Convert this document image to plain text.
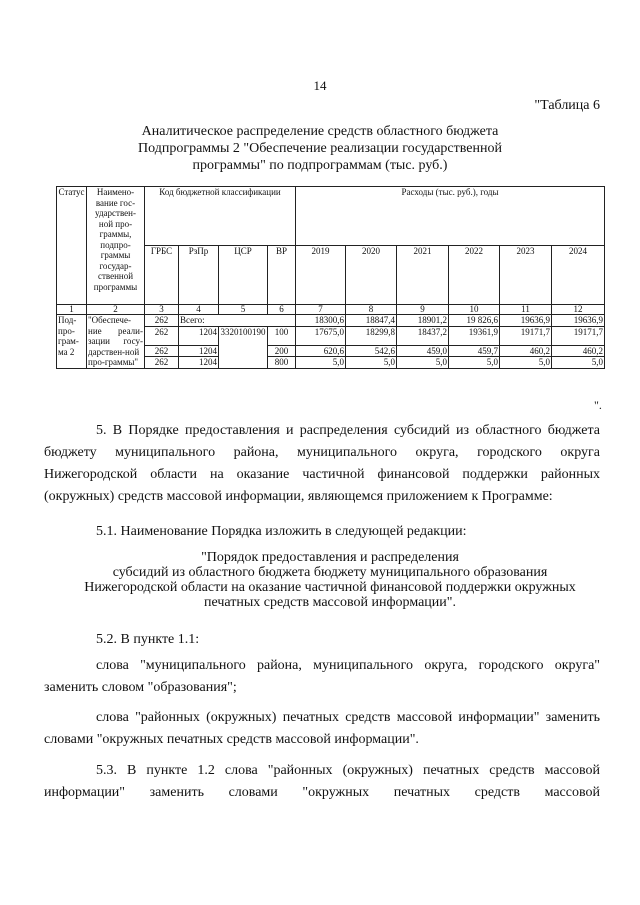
14
"Таблица 6
Аналитическое распределение средств областного бюджета
Подпрограммы 2 "Обеспечение реализации государственной
программы" по подпрограммам (тыс. руб.)
Статус	Наимено-вание гос-ударствен-ной про-граммы, подпро-граммы государ-ственной программы	Код бюджетной классификации				Расходы (тыс. руб.), годы					
		ГРБС	РзПр	ЦСР	ВР	2019	2020	2021	2022	2023	2024
1	2	3	4	5	6	7	8	9	10	11	12
Под-про-грам-ма 2	"Обеспече-ние реали-зации госу-дарствен-ной про-граммы"	262	Всего:			18300,6	18847,4	18901,2	19 826,6	19636,9	19636,9
		262	1204	3320100190	100	17675,0	18299,8	18437,2	19361,9	19171,7	19171,7
		262	1204		200	620,6	542,6	459,0	459,7	460,2	460,2
		262	1204		800	5,0	5,0	5,0	5,0	5,0	5,0
".

5. В Порядке предоставления и распределения субсидий из областного бюджета бюджету муниципального района, муниципального округа, городского округа Нижегородской области на оказание частичной финансовой поддержки районных (окружных) средств массовой информации, являющемся приложением к Программе:

5.1. Наименование Порядка изложить в следующей редакции:

"Порядок предоставления и распределения
субсидий из областного бюджета бюджету муниципального образования
Нижегородской области на оказание частичной финансовой поддержки окружных
печатных средств массовой информации".

5.2. В пункте 1.1:

слова "муниципального района, муниципального округа, городского округа" заменить словом "образования";

слова "районных (окружных) печатных средств массовой информации" заменить словами "окружных печатных средств массовой информации".

5.3. В пункте 1.2 слова "районных (окружных) печатных средств массовой информации" заменить словами "окружных печатных средств массовой
